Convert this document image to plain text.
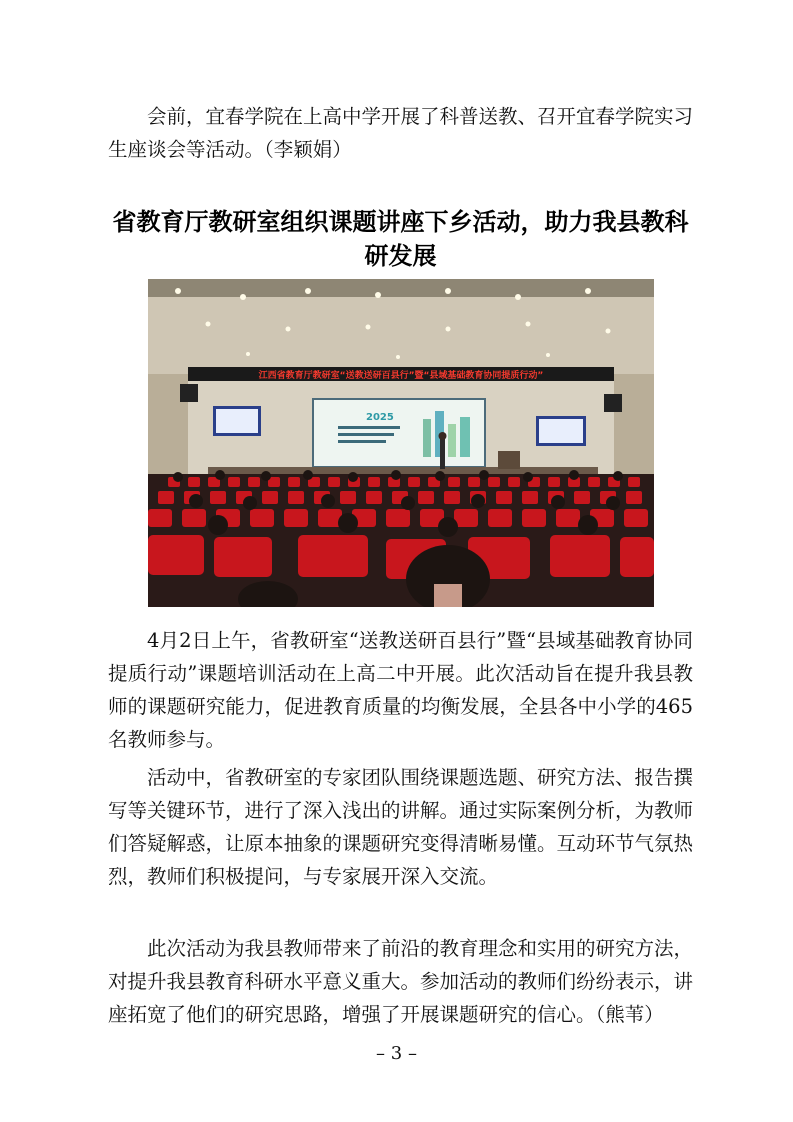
会前，宜春学院在上高中学开展了科普送教、召开宜春学院实习生座谈会等活动。（李颖娟）

省教育厅教研室组织课题讲座下乡活动，助力我县教科研发展
江西省教育厅教研室“送教送研百县行”暨“县域基础教育协同提质行动”
2025

4月2日上午，省教研室“送教送研百县行”暨“县域基础教育协同提质行动”课题培训活动在上高二中开展。此次活动旨在提升我县教师的课题研究能力，促进教育质量的均衡发展，全县各中小学的465名教师参与。

活动中，省教研室的专家团队围绕课题选题、研究方法、报告撰写等关键环节，进行了深入浅出的讲解。通过实际案例分析，为教师们答疑解惑，让原本抽象的课题研究变得清晰易懂。互动环节气氛热烈，教师们积极提问，与专家展开深入交流。

此次活动为我县教师带来了前沿的教育理念和实用的研究方法，对提升我县教育科研水平意义重大。参加活动的教师们纷纷表示，讲座拓宽了他们的研究思路，增强了开展课题研究的信心。（熊苇）

– 3 –
